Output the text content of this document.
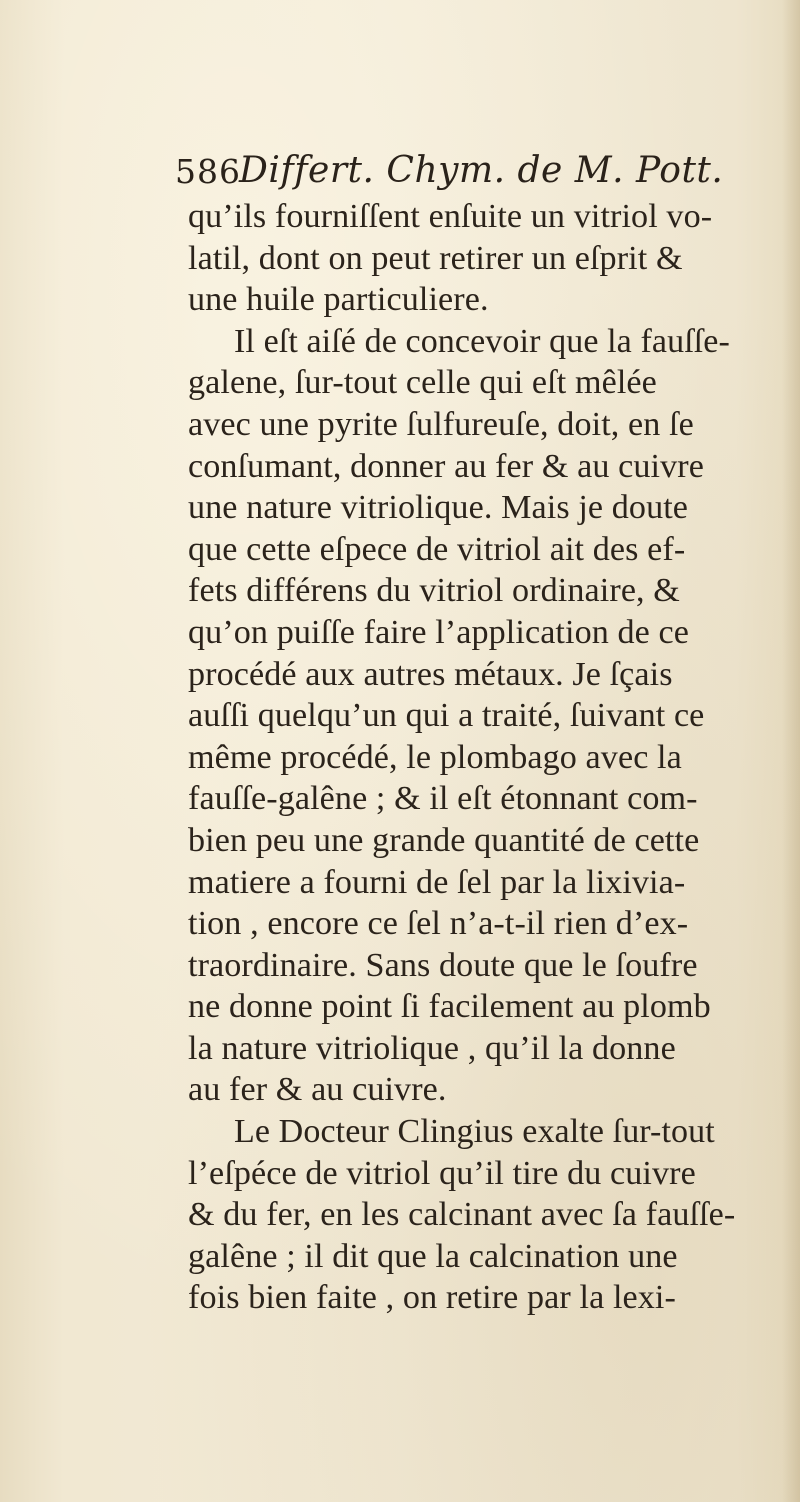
586
Differt. Chym. de M. Pott.
qu’ils fourniſſent enſuite un vitriol vo-
latil, dont on peut retirer un eſprit &
une huile particuliere.
Il eſt aiſé de concevoir que la fauſſe-
galene, ſur-tout celle qui eſt mêlée
avec une pyrite ſulfureuſe, doit, en ſe
conſumant, donner au fer & au cuivre
une nature vitriolique. Mais je doute
que cette eſpece de vitriol ait des ef-
fets différens du vitriol ordinaire, &
qu’on puiſſe faire l’application de ce
procédé aux autres métaux. Je ſçais
auſſi quelqu’un qui a traité, ſuivant ce
même procédé, le plombago avec la
fauſſe-galêne ; & il eſt étonnant com-
bien peu une grande quantité de cette
matiere a fourni de ſel par la lixivia-
tion , encore ce ſel n’a-t-il rien d’ex-
traordinaire. Sans doute que le ſoufre
ne donne point ſi facilement au plomb
la nature vitriolique , qu’il la donne
au fer & au cuivre.
Le Docteur Clingius exalte ſur-tout
l’eſpéce de vitriol qu’il tire du cuivre
& du fer, en les calcinant avec ſa fauſſe-
galêne ; il dit que la calcination une
fois bien faite , on retire par la lexi-
